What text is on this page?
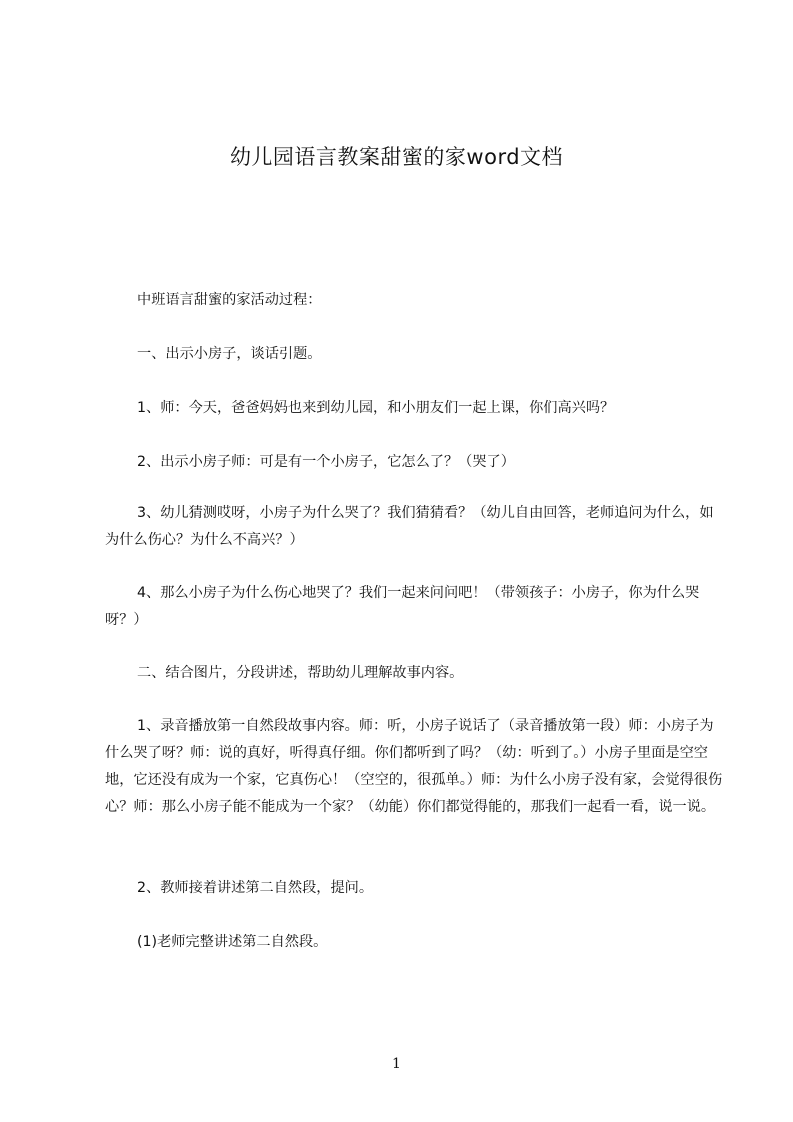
幼儿园语言教案甜蜜的家word文档
中班语言甜蜜的家活动过程：
一、出示小房子，谈话引题。
1、师：今天，爸爸妈妈也来到幼儿园，和小朋友们一起上课，你们高兴吗？
2、出示小房子师：可是有一个小房子，它怎么了？（哭了）
3、幼儿猜测哎呀，小房子为什么哭了？我们猜猜看？（幼儿自由回答，老师追问为什么，如为什么伤心？为什么不高兴？）
4、那么小房子为什么伤心地哭了？我们一起来问问吧！（带领孩子：小房子，你为什么哭呀？）
二、结合图片，分段讲述，帮助幼儿理解故事内容。
1、录音播放第一自然段故事内容。师：听，小房子说话了（录音播放第一段）师：小房子为什么哭了呀？师：说的真好，听得真仔细。你们都听到了吗？（幼：听到了。）小房子里面是空空地，它还没有成为一个家，它真伤心！（空空的，很孤单。）师：为什么小房子没有家，会觉得很伤心？师：那么小房子能不能成为一个家？（幼能）你们都觉得能的，那我们一起看一看，说一说。
2、教师接着讲述第二自然段，提问。
(1)老师完整讲述第二自然段。
1
